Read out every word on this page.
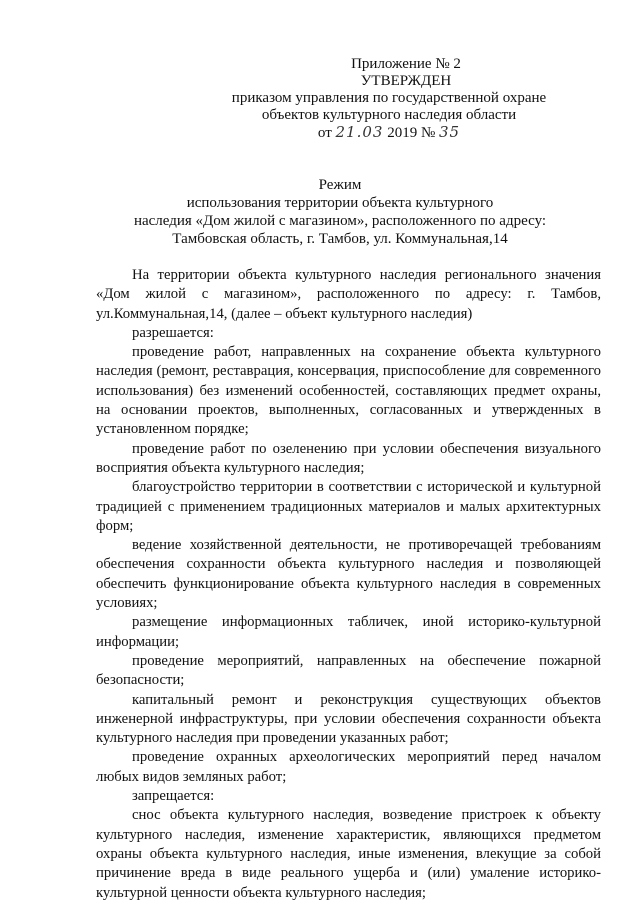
Приложение № 2
УТВЕРЖДЕН
приказом управления по государственной охране
объектов культурного наследия области
от 21.03 2019 № 35
Режим
использования территории объекта культурного
наследия «Дом жилой с магазином», расположенного по адресу:
Тамбовская область, г. Тамбов, ул. Коммунальная,14

На территории объекта культурного наследия регионального значения «Дом жилой с магазином», расположенного по адресу: г. Тамбов, ул.Коммунальная,14, (далее – объект культурного наследия)

разрешается:

проведение работ, направленных на сохранение объекта культурного наследия (ремонт, реставрация, консервация, приспособление для современного использования) без изменений особенностей, составляющих предмет охраны, на основании проектов, выполненных, согласованных и утвержденных в установленном порядке;

проведение работ по озеленению при условии обеспечения визуального восприятия объекта культурного наследия;

благоустройство территории в соответствии с исторической и культурной традицией с применением традиционных материалов и малых архитектурных форм;

ведение хозяйственной деятельности, не противоречащей требованиям обеспечения сохранности объекта культурного наследия и позволяющей обеспечить функционирование объекта культурного наследия в современных условиях;

размещение информационных табличек, иной историко-культурной информации;

проведение мероприятий, направленных на обеспечение пожарной безопасности;

капитальный ремонт и реконструкция существующих объектов инженерной инфраструктуры, при условии обеспечения сохранности объекта культурного наследия при проведении указанных работ;

проведение охранных археологических мероприятий перед началом любых видов земляных работ;

запрещается:

снос объекта культурного наследия, возведение пристроек к объекту культурного наследия, изменение характеристик, являющихся предметом охраны объекта культурного наследия, иные изменения, влекущие за собой причинение вреда в виде реального ущерба и (или) умаление историко-культурной ценности объекта культурного наследия;
